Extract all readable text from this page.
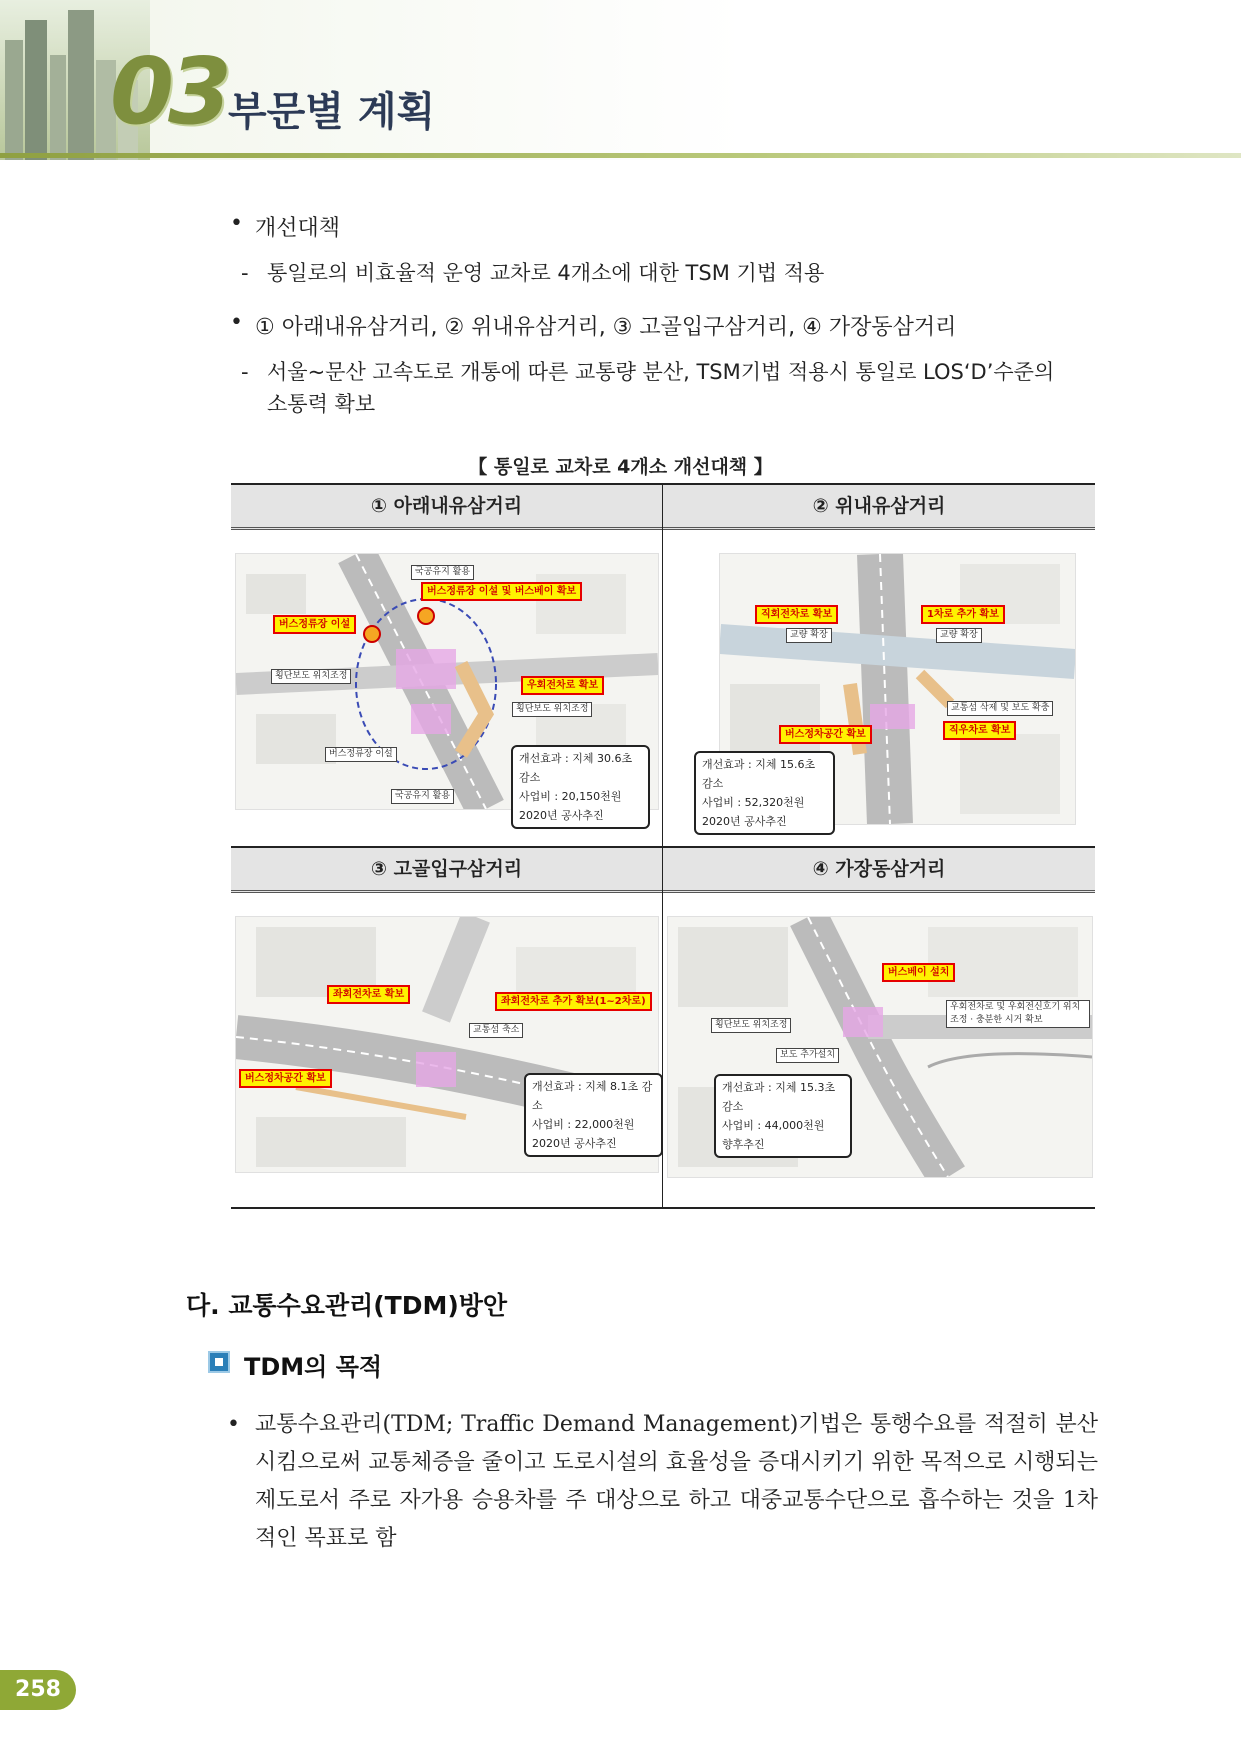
03 부문별 계획
• 개선대책
- 통일로의 비효율적 운영 교차로 4개소에 대한 TSM 기법 적용
• ① 아래내유삼거리, ② 위내유삼거리, ③ 고골입구삼거리, ④ 가장동삼거리
- 서울~문산 고속도로 개통에 따른 교통량 분산, TSM기법 적용시 통일로 LOS‘D’수준의
소통력 확보
【 통일로 교차로 4개소 개선대책 】
① 아래내유삼거리	② 위내유삼거리
버스정류장 이설 및 버스베이 확보
버스정류장 이설
우회전차로 확보
국공유지 활용
횡단보도 위치조정
버스정류장 이설
국공유지 활용
횡단보도 위치조정
개선효과 : 지체 30.6초 감소
사업비 : 20,150천원
2020년 공사추진
직회전차로 확보	1차로 추가 확보
버스정차공간 확보	직우차로 확보
교량 확장	교량 확장
교통섬 삭제 및 보도 확충
개선효과 : 지체 15.6초 감소
사업비 : 52,320천원
2020년 공사추진
③ 고골입구삼거리	④ 가장동삼거리
좌회전차로 확보
좌회전차로 추가 확보(1~2차로)
버스정차공간 확보
교통섬 축소
개선효과 : 지체 8.1초 감소
사업비 : 22,000천원
2020년 공사추진
버스베이 설치
횡단보도 위치조정
보도 추가설치
우회전차로 및 우회전신호기 위치조정 · 충분한 시거 확보
개선효과 : 지체 15.3초 감소
사업비 : 44,000천원
향후추진
다. 교통수요관리(TDM)방안
TDM의 목적
• 교통수요관리(TDM; Traffic Demand Management)기법은 통행수요를 적절히 분산시킴으로써 교통체증을 줄이고 도로시설의 효율성을 증대시키기 위한 목적으로 시행되는 제도로서 주로 자가용 승용차를 주 대상으로 하고 대중교통수단으로 흡수하는 것을 1차적인 목표로 함
258
